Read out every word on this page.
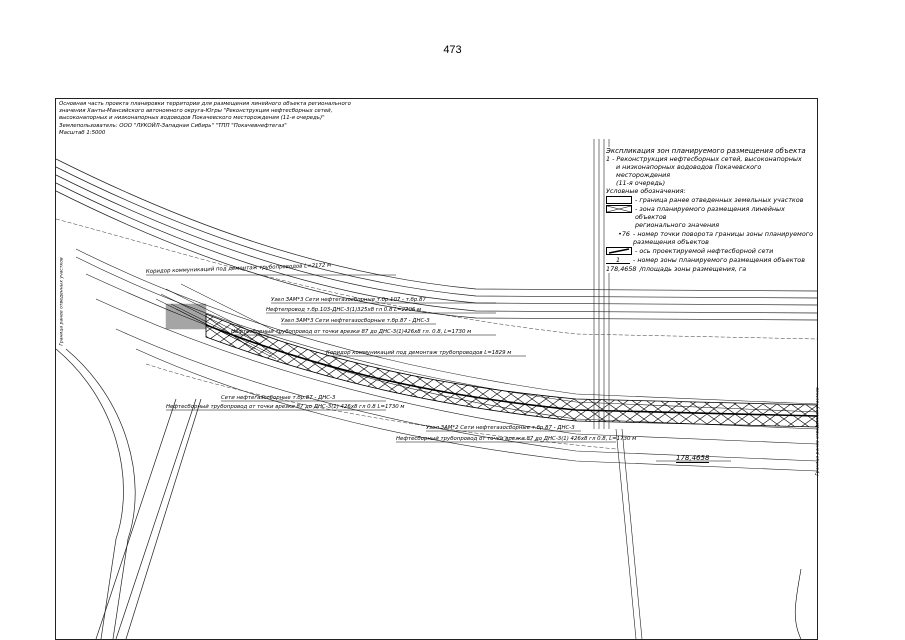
473
Коридор коммуникаций под демонтаж трубопроводов L=2172 м
Узел ЗАМ*3 Сети нефтегазосборные т.бр.107 - т.бр.87
Нефтепровод т.бр.103-ДНС-3(1)325х8 гл 0.8 L=2206 м
Узел ЗАМ*3 Сети нефтегазосборные т.бр.87 - ДНС-3
Нефтесборный трубопровод от точки врезки 87 до ДНС-3(1)426х8 гл. 0.8, L=1730 м
Коридор коммуникаций под демонтаж трубопроводов L=1829 м
Сети нефтегазосборные т.бр.87 - ДНС-3
Нефтесборный трубопровод от точки врезки 87 до ДНС-3(1) 426х8 гл 0.8 L=1730 м
Узел ЗАМ*2 Сети нефтегазосборные т.бр.87 - ДНС-3
Нефтесборный трубопровод от точки врезки 87 до ДНС-3(1) 426х8 гл 0.8, L=1730 м
Основная часть проекта планировки территории для размещения линейного объекта регионального
значения Ханты-Мансийского автономного округа-Югры "Реконструкция нефтесборных сетей,
высоконапорных и низконапорных водоводов Покачевского месторождения (11-я очередь)"
Землепользователь: ООО "ЛУКОЙЛ-Западная Сибирь" "ТПП "Покачевнефтегаз"
Масштаб 1:5000
Граница ранее отведенных участков
Граница ранее отведенных участков
Экспликация зон планируемого размещения объекта
1 - Реконструкция нефтесборных сетей, высоконапорных
и низконапорных водоводов Покачевского месторождения
(11-я очередь)
Условные обозначения:
- граница ранее отведенных земельных участков
- зона планируемого размещения линейных объектов
регионального значения
•76 - номер точки поворота границы зоны планируемого
размещения объектов
- ось проектируемой нефтесборной сети
1	- номер зоны планируемого размещения объектов
178,4658 /площадь зоны размещения, га
178,4658
